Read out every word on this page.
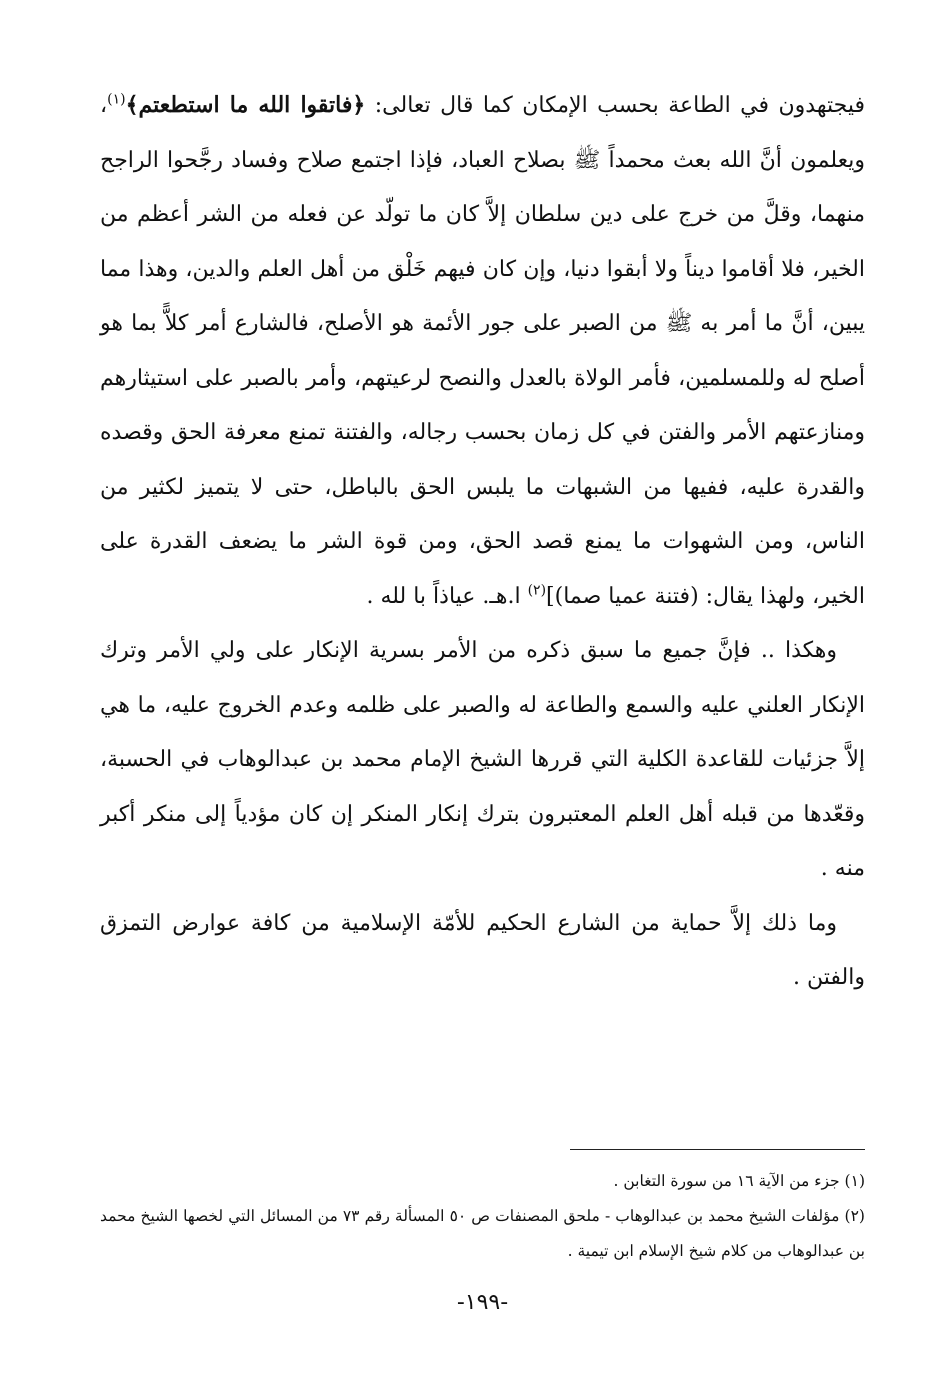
فيجتهدون في الطاعة بحسب الإمكان كما قال تعالى: ﴿فاتقوا الله ما استطعتم﴾$^{(١)}$، ويعلمون أنَّ الله بعث محمداً ﷺ بصلاح العباد، فإذا اجتمع صلاح وفساد رجَّحوا الراجح منهما، وقلَّ من خرج على دين سلطان إلاَّ كان ما تولّد عن فعله من الشر أعظم من الخير، فلا أقاموا ديناً ولا أبقوا دنيا، وإن كان فيهم خَلْق من أهل العلم والدين، وهذا مما يبين، أنَّ ما أمر به ﷺ من الصبر على جور الأئمة هو الأصلح، فالشارع أمر كلاًّ بما هو أصلح له وللمسلمين، فأمر الولاة بالعدل والنصح لرعيتهم، وأمر بالصبر على استيثارهم ومنازعتهم الأمر والفتن في كل زمان بحسب رجاله، والفتنة تمنع معرفة الحق وقصده والقدرة عليه، ففيها من الشبهات ما يلبس الحق بالباطل، حتى لا يتميز لكثير من الناس، ومن الشهوات ما يمنع قصد الحق، ومن قوة الشر ما يضعف القدرة على الخير، ولهذا يقال: (فتنة عميا صما)]$^{(٢)}$ ا.هـ. عياذاً با لله .

وهكذا .. فإنَّ جميع ما سبق ذكره من الأمر بسرية الإنكار على ولي الأمر وترك الإنكار العلني عليه والسمع والطاعة له والصبر على ظلمه وعدم الخروج عليه، ما هي إلاَّ جزئيات للقاعدة الكلية التي قررها الشيخ الإمام محمد بن عبدالوهاب في الحسبة، وقعّدها من قبله أهل العلم المعتبرون بترك إنكار المنكر إن كان مؤدياً إلى منكر أكبر منه .

وما ذلك إلاَّ حماية من الشارع الحكيم للأمّة الإسلامية من كافة عوارض التمزق والفتن .

(١) جزء من الآية ١٦ من سورة التغابن .

(٢) مؤلفات الشيخ محمد بن عبدالوهاب - ملحق المصنفات ص ٥٠ المسألة رقم ٧٣ من المسائل التي لخصها الشيخ محمد بن عبدالوهاب من كلام شيخ الإسلام ابن تيمية .

-١٩٩-
